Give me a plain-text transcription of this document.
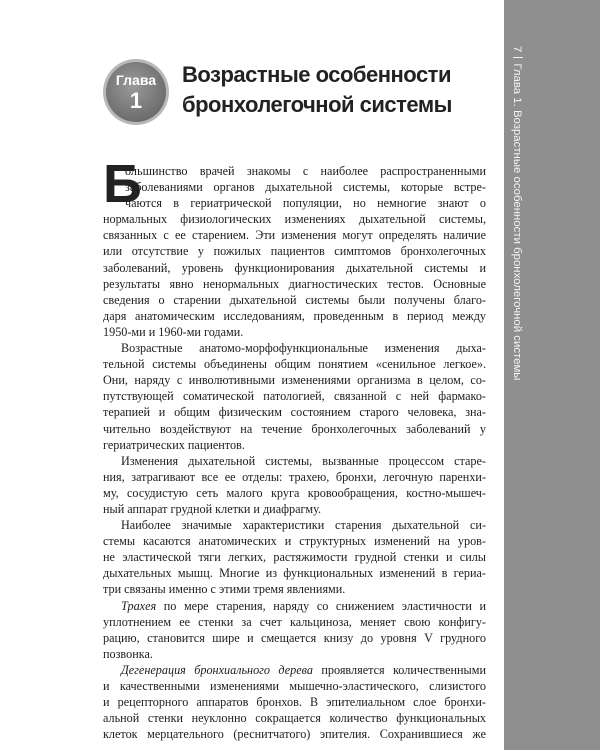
7Глава 1. Возрастные особенности бронхолегочной системы
Глава
1
Возрастные особенности
бронхолегочной системы
Б
ольшинство врачей знакомы с наиболее распространенными
заболеваниями органов дыхательной системы, которые встре-
чаются в гериатрической популяции, но немногие знают о
нормальных физиологических изменениях дыхательной системы,
связанных с ее старением. Эти изменения могут определять наличие
или отсутствие у пожилых пациентов симптомов бронхолегочных
заболеваний, уровень функционирования дыхательной системы и
результаты явно ненормальных диагностических тестов. Основные
сведения о старении дыхательной системы были получены благо-
даря анатомическим исследованиям, проведенным в период между
1950-ми и 1960-ми годами.
Возрастные анатомо-морфофункциональные изменения дыха-
тельной системы объединены общим понятием «сенильное легкое».
Они, наряду с инволютивными изменениями организма в целом, со-
путствующей соматической патологией, связанной с ней фармако-
терапией и общим физическим состоянием старого человека, зна-
чительно воздействуют на течение бронхолегочных заболеваний у
гериатрических пациентов.
Изменения дыхательной системы, вызванные процессом старе-
ния, затрагивают все ее отделы: трахею, бронхи, легочную паренхи-
му, сосудистую сеть малого круга кровообращения, костно-мышеч-
ный аппарат грудной клетки и диафрагму.
Наиболее значимые характеристики старения дыхательной си-
стемы касаются анатомических и структурных изменений на уров-
не эластической тяги легких, растяжимости грудной стенки и силы
дыхательных мышц. Многие из функциональных изменений в гериа-
три связаны именно с этими тремя явлениями.
Трахея по мере старения, наряду со снижением эластичности и
уплотнением ее стенки за счет кальциноза, меняет свою конфигу-
рацию, становится шире и смещается книзу до уровня V грудного
позвонка.
Дегенерация бронхиального дерева проявляется количественными
и качественными изменениями мышечно-эластического, слизистого
и рецепторного аппаратов бронхов. В эпителиальном слое бронхи-
альной стенки неуклонно сокращается количество функциональных
клеток мерцательного (реснитчатого) эпителия. Сохранившиеся же
